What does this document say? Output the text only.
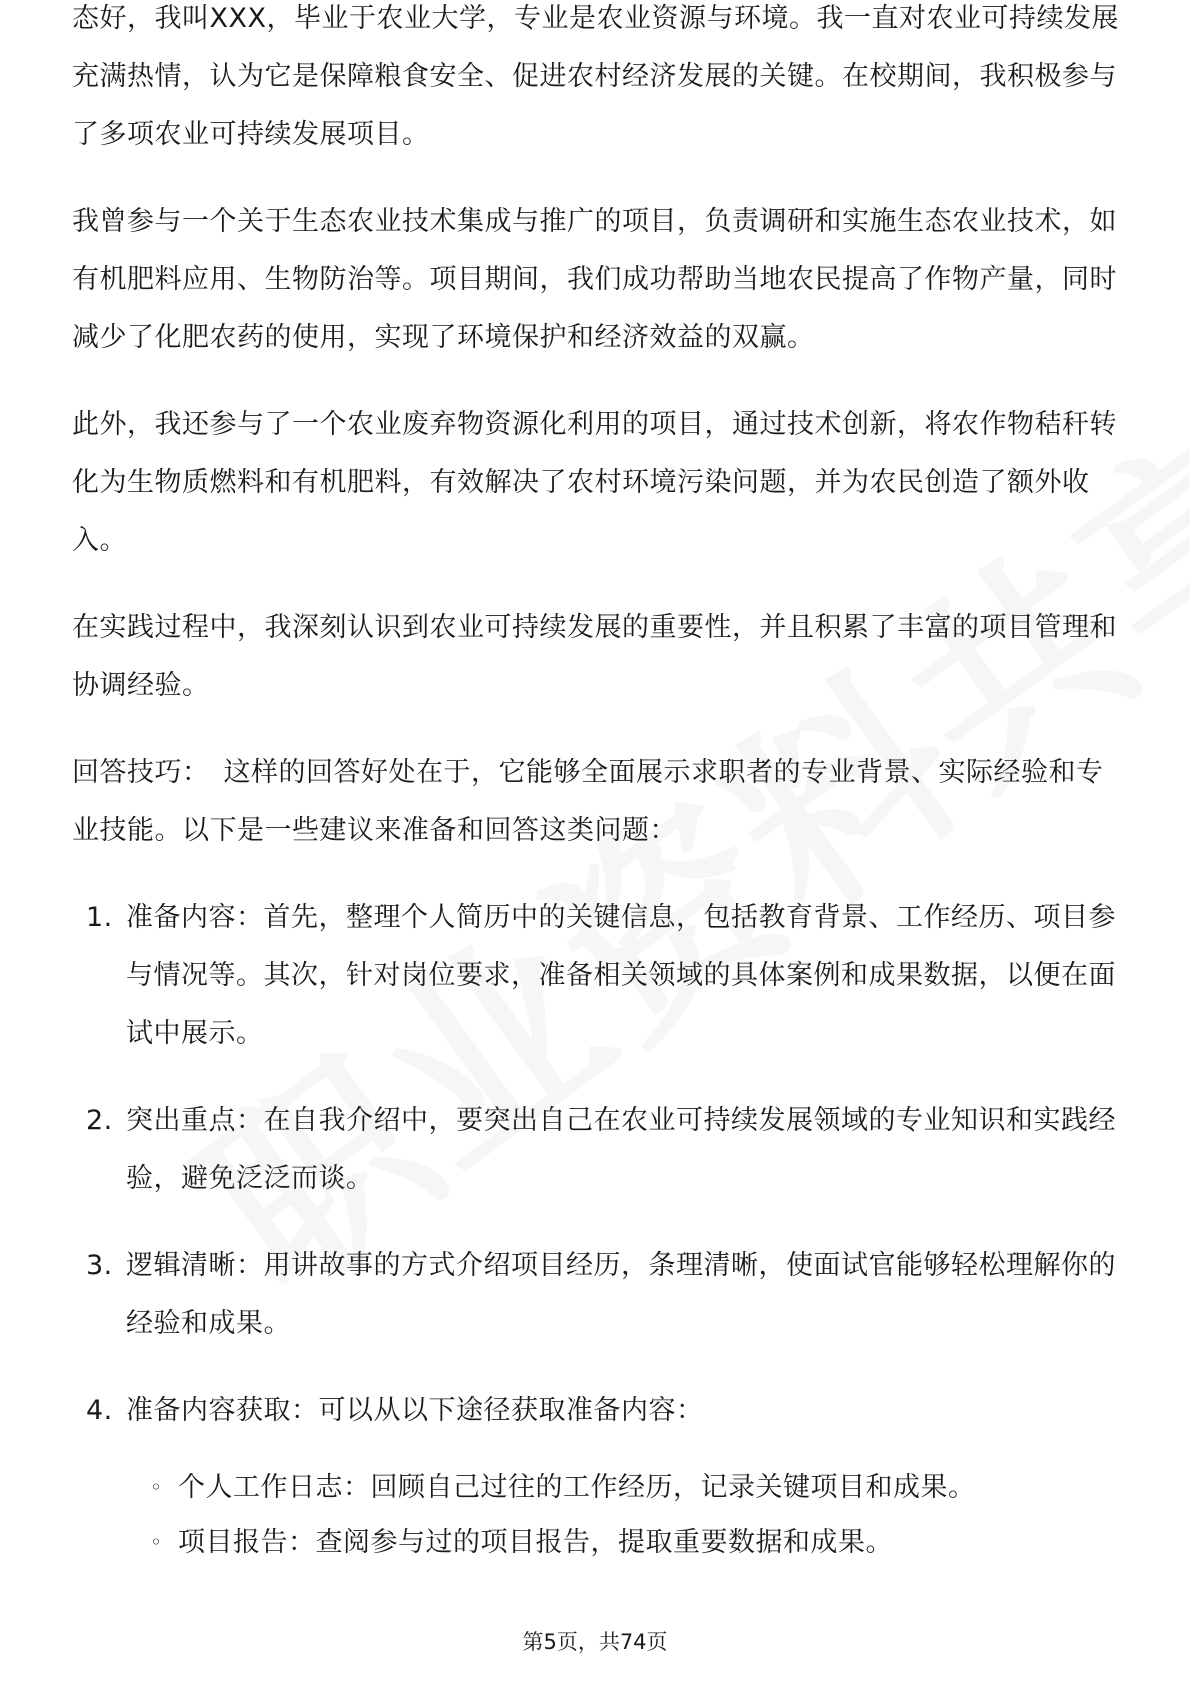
态好，我叫XXX，毕业于农业大学，专业是农业资源与环境。我一直对农业可持续发展充满热情，认为它是保障粮食安全、促进农村经济发展的关键。在校期间，我积极参与了多项农业可持续发展项目。

我曾参与一个关于生态农业技术集成与推广的项目，负责调研和实施生态农业技术，如有机肥料应用、生物防治等。项目期间，我们成功帮助当地农民提高了作物产量，同时减少了化肥农药的使用，实现了环境保护和经济效益的双赢。

此外，我还参与了一个农业废弃物资源化利用的项目，通过技术创新，将农作物秸秆转化为生物质燃料和有机肥料，有效解决了农村环境污染问题，并为农民创造了额外收入。

在实践过程中，我深刻认识到农业可持续发展的重要性，并且积累了丰富的项目管理和协调经验。

回答技巧： 这样的回答好处在于，它能够全面展示求职者的专业背景、实际经验和专业技能。以下是一些建议来准备和回答这类问题：

1. 准备内容：首先，整理个人简历中的关键信息，包括教育背景、工作经历、项目参与情况等。其次，针对岗位要求，准备相关领域的具体案例和成果数据，以便在面试中展示。
2. 突出重点：在自我介绍中，要突出自己在农业可持续发展领域的专业知识和实践经验，避免泛泛而谈。
3. 逻辑清晰：用讲故事的方式介绍项目经历，条理清晰，使面试官能够轻松理解你的经验和成果。
4. 准备内容获取：可以从以下途径获取准备内容：
◦ 个人工作日志：回顾自己过往的工作经历，记录关键项目和成果。
◦ 项目报告：查阅参与过的项目报告，提取重要数据和成果。
第5页，共74页
